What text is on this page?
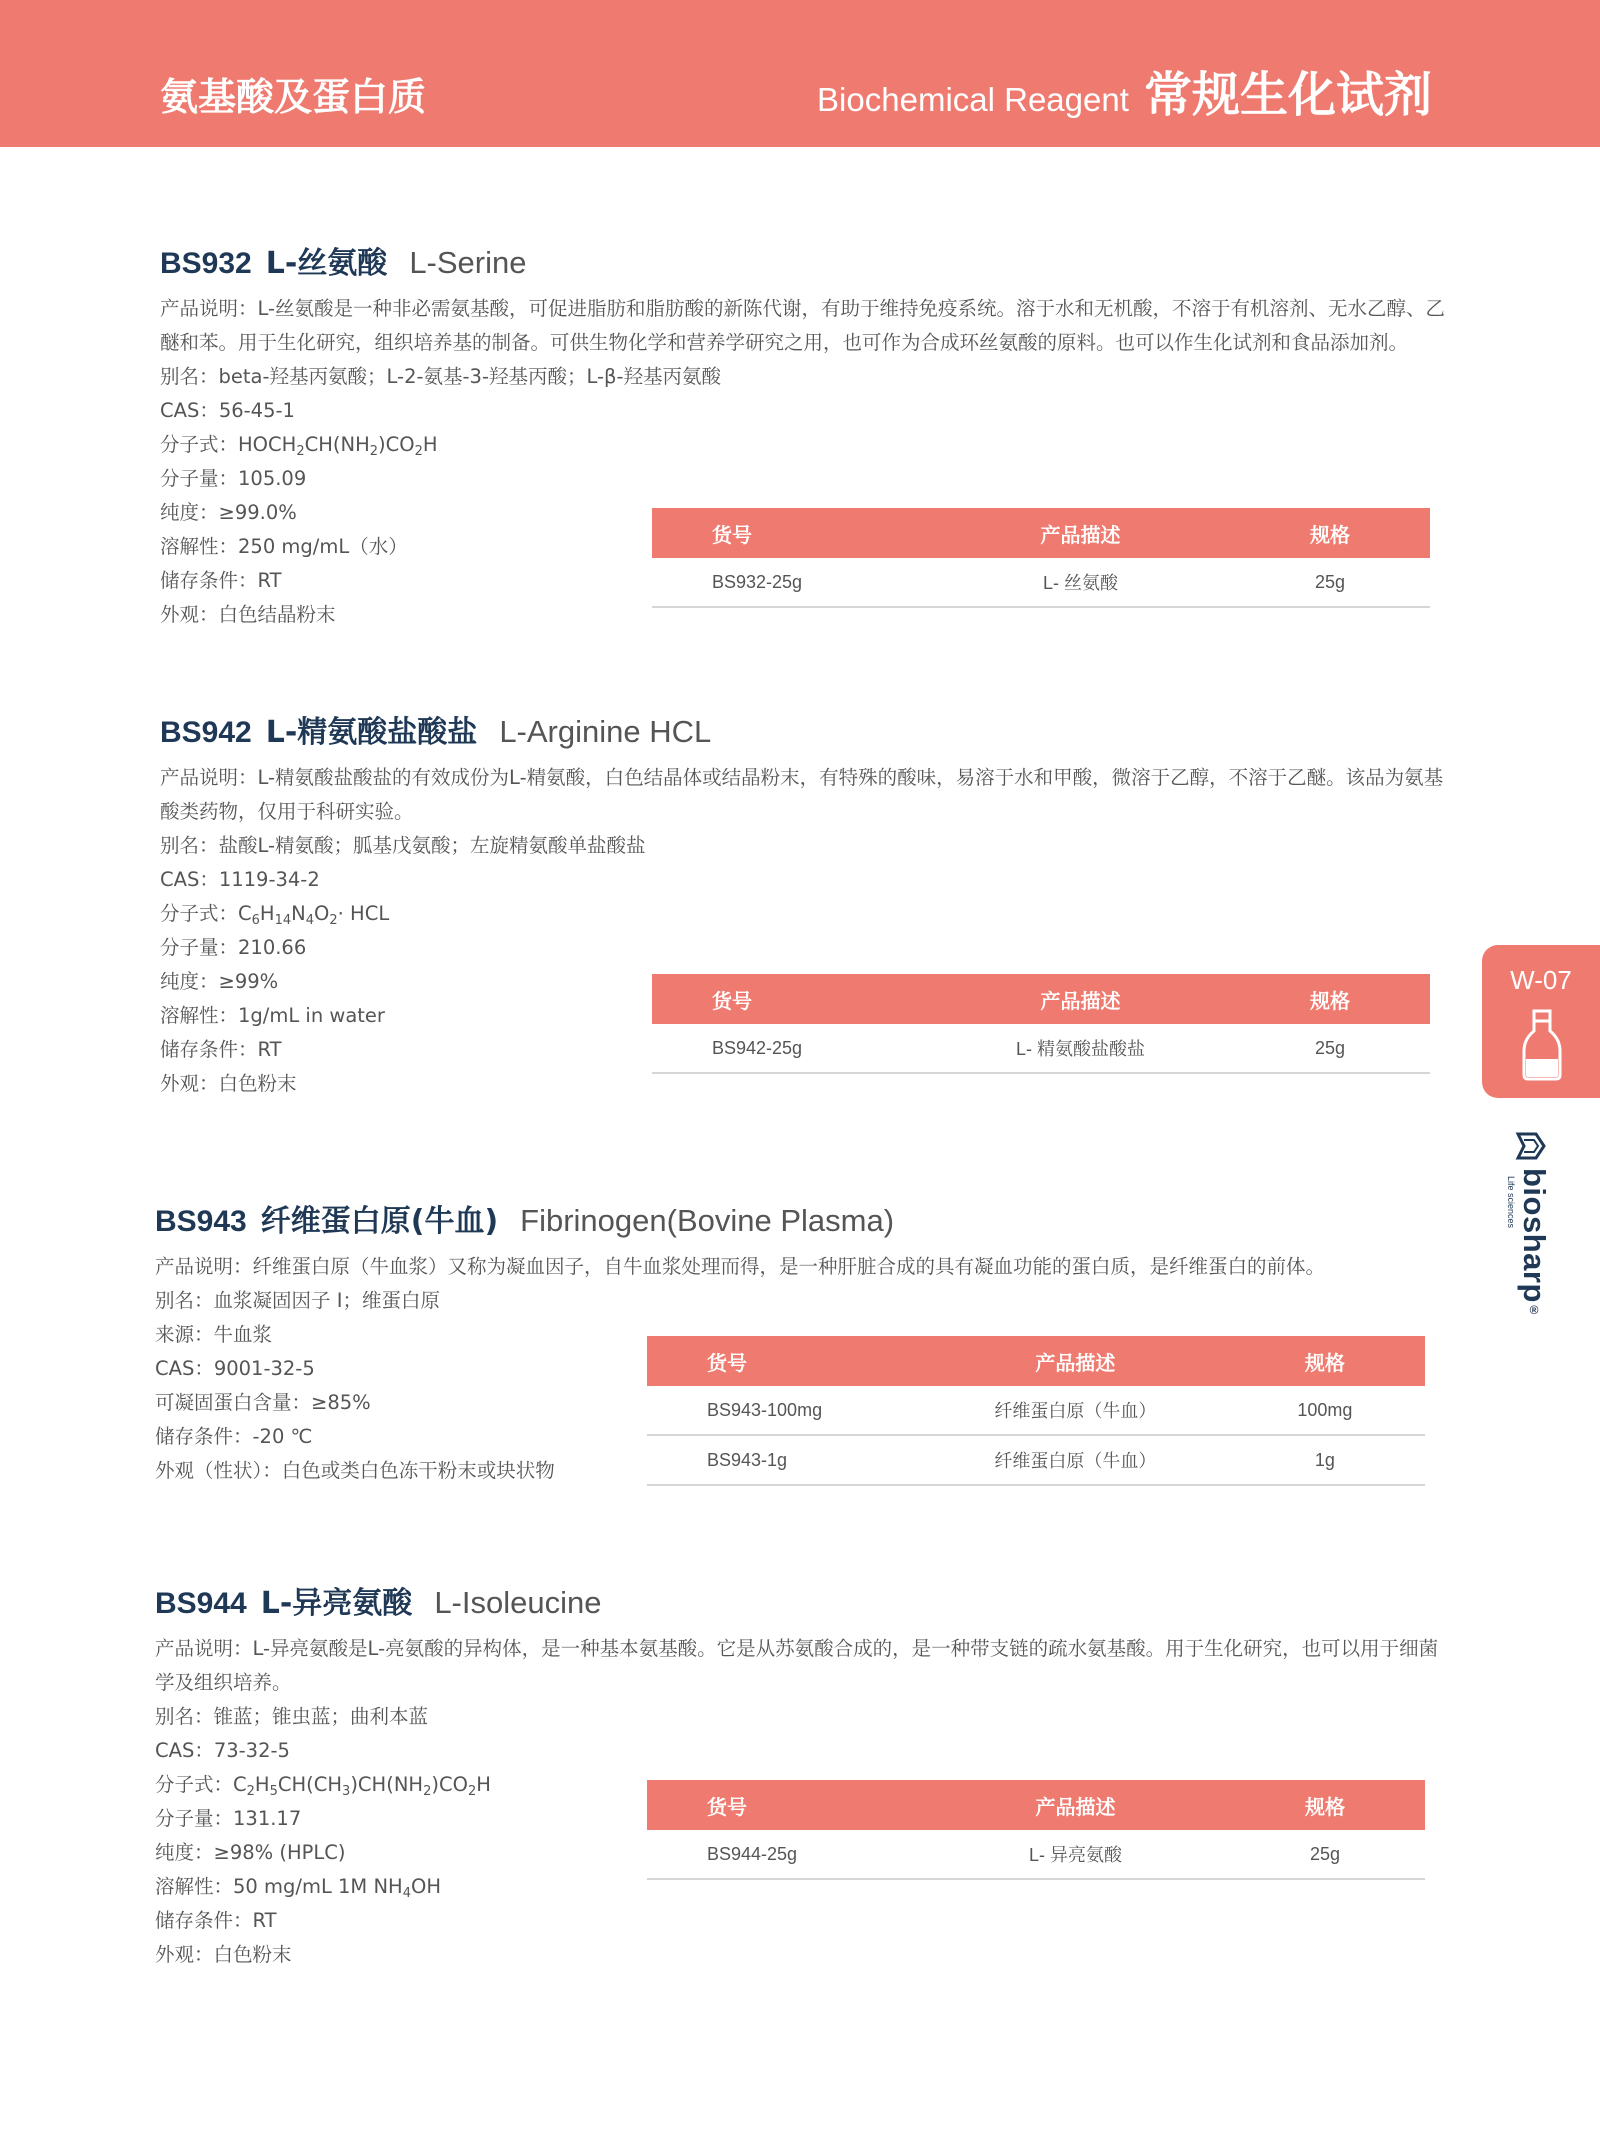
氨基酸及蛋白质	Biochemical Reagent 常规生化试剂
W-07
biosharp®
Life sciences
BS932 L-丝氨酸 L-Serine
产品说明：L-丝氨酸是一种非必需氨基酸，可促进脂肪和脂肪酸的新陈代谢，有助于维持免疫系统。溶于水和无机酸，不溶于有机溶剂、无水乙醇、乙醚和苯。用于生化研究，组织培养基的制备。可供生物化学和营养学研究之用，也可作为合成环丝氨酸的原料。也可以作生化试剂和食品添加剂。
别名：beta-羟基丙氨酸；L-2-氨基-3-羟基丙酸；L-β-羟基丙氨酸
CAS：56-45-1
分子式：$HOCH_2CH(NH_2)CO_2H$
分子量：105.09
纯度：≥99.0%
溶解性：250 mg/mL（水）
储存条件：RT
外观：白色结晶粉末
货号	产品描述	规格
BS932-25g	L- 丝氨酸	25g
BS942 L-精氨酸盐酸盐 L-Arginine HCL
产品说明：L-精氨酸盐酸盐的有效成份为L-精氨酸，白色结晶体或结晶粉末，有特殊的酸味，易溶于水和甲酸，微溶于乙醇，不溶于乙醚。该品为氨基酸类药物，仅用于科研实验。
别名：盐酸L-精氨酸；胍基戊氨酸；左旋精氨酸单盐酸盐
CAS：1119-34-2
分子式：$C_6H_{14}N_4O_2\cdot$ HCL
分子量：210.66
纯度：≥99%
溶解性：1g/mL in water
储存条件：RT
外观：白色粉末
货号	产品描述	规格
BS942-25g	L- 精氨酸盐酸盐	25g
BS943 纤维蛋白原(牛血) Fibrinogen(Bovine Plasma)
产品说明：纤维蛋白原（牛血浆）又称为凝血因子，自牛血浆处理而得，是一种肝脏合成的具有凝血功能的蛋白质，是纤维蛋白的前体。
别名：血浆凝固因子 Ⅰ；维蛋白原
来源：牛血浆
CAS：9001-32-5
可凝固蛋白含量：≥85%
储存条件：-20 ℃
外观（性状）：白色或类白色冻干粉末或块状物
货号	产品描述	规格
BS943-100mg	纤维蛋白原（牛血）	100mg
BS943-1g	纤维蛋白原（牛血）	1g
BS944 L-异亮氨酸 L-Isoleucine
产品说明：L-异亮氨酸是L-亮氨酸的异构体，是一种基本氨基酸。它是从苏氨酸合成的，是一种带支链的疏水氨基酸。用于生化研究，也可以用于细菌学及组织培养。
别名：锥蓝；锥虫蓝；曲利本蓝
CAS：73-32-5
分子式：$C_2H_5CH(CH_3)CH(NH_2)CO_2H$
分子量：131.17
纯度：≥98% (HPLC)
溶解性：50 mg/mL 1M $NH_4OH$
储存条件：RT
外观：白色粉末
货号	产品描述	规格
BS944-25g	L- 异亮氨酸	25g
